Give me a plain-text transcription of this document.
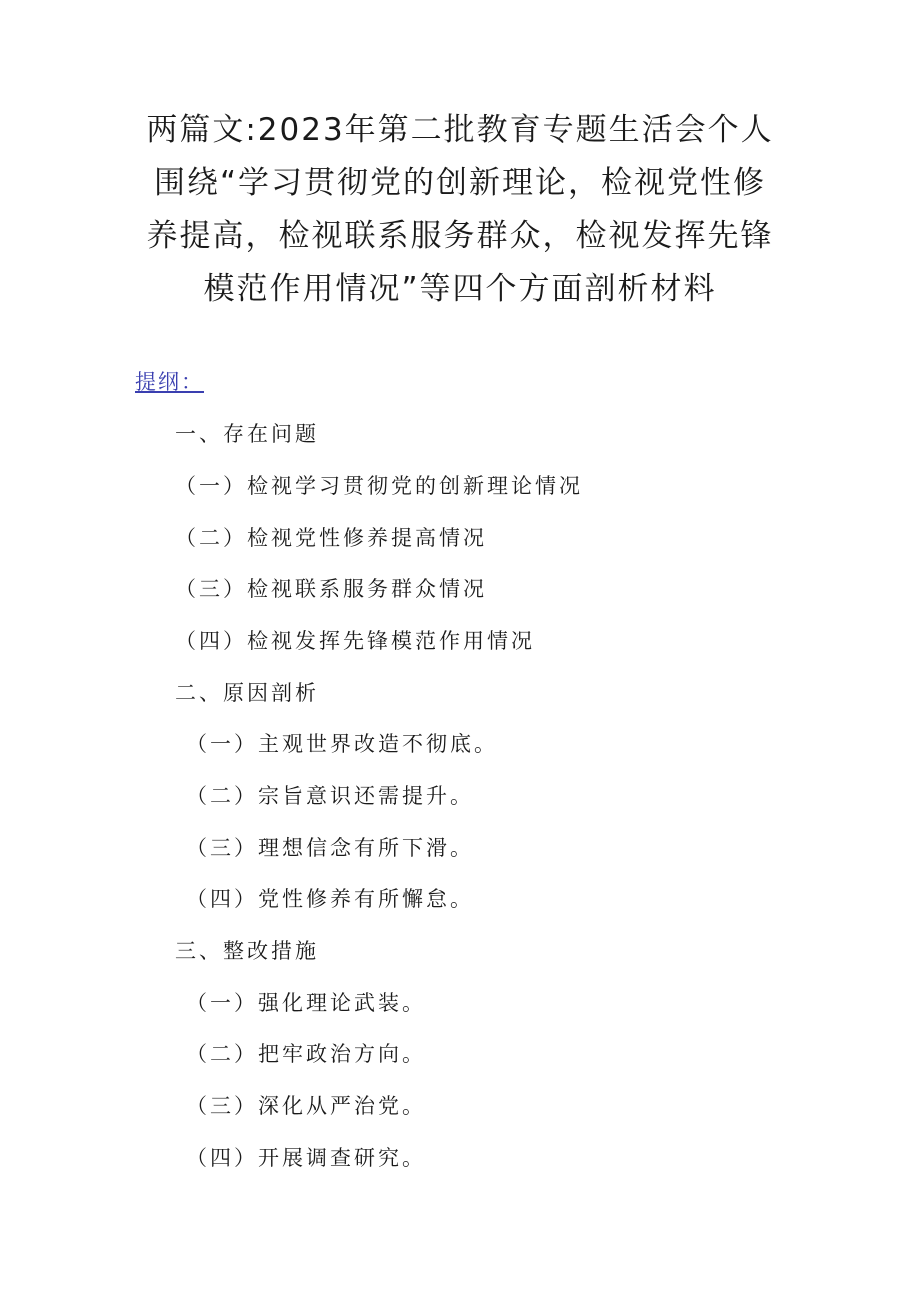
两篇文:2023年第二批教育专题生活会个人
围绕“学习贯彻党的创新理论，检视党性修
养提高，检视联系服务群众，检视发挥先锋
模范作用情况”等四个方面剖析材料
提纲：
一、存在问题
（一）检视学习贯彻党的创新理论情况
（二）检视党性修养提高情况
（三）检视联系服务群众情况
（四）检视发挥先锋模范作用情况
二、原因剖析
（一）主观世界改造不彻底。
（二）宗旨意识还需提升。
（三）理想信念有所下滑。
（四）党性修养有所懈怠。
三、整改措施
（一）强化理论武装。
（二）把牢政治方向。
（三）深化从严治党。
（四）开展调查研究。
